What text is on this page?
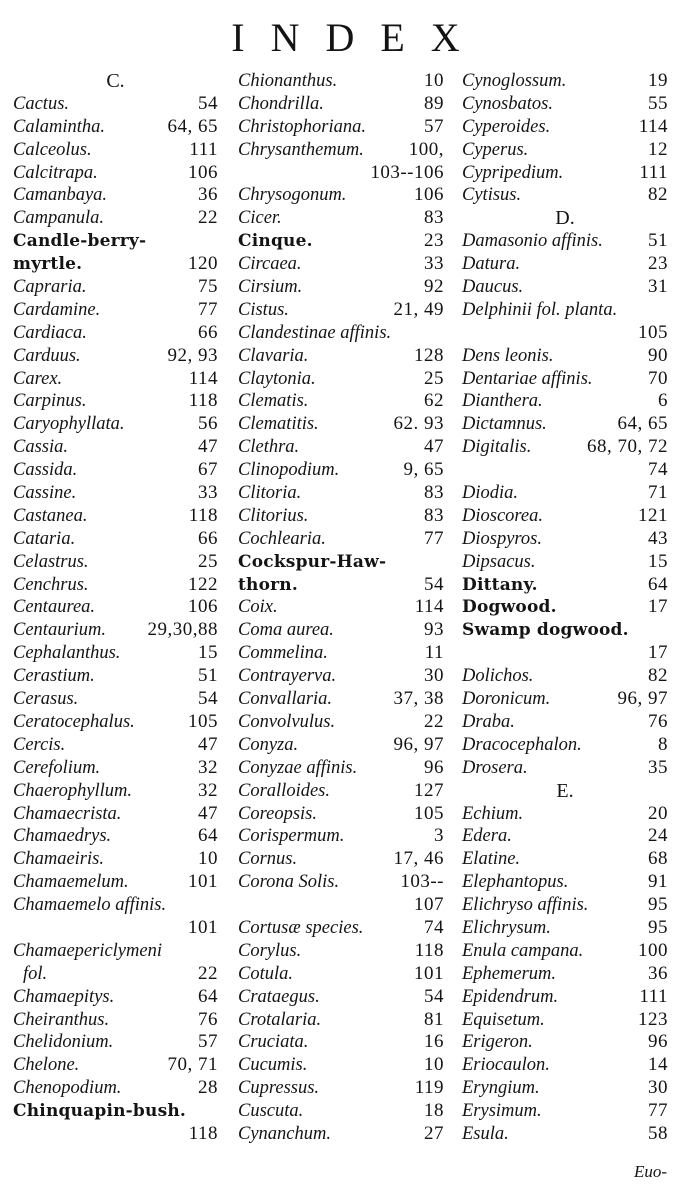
INDEX
C.
Cactus.	54
Calamintha.	64, 65
Calceolus.	111
Calcitrapa.	106
Camanbaya.	36
Campanula.	22
Candle-berry-
myrtle.	120
Capraria.	75
Cardamine.	77
Cardiaca.	66
Carduus.	92, 93
Carex.	114
Carpinus.	118
Caryophyllata.	56
Cassia.	47
Cassida.	67
Cassine.	33
Castanea.	118
Cataria.	66
Celastrus.	25
Cenchrus.	122
Centaurea.	106
Centaurium. 29,30,88
Cephalanthus.	15
Cerastium.	51
Cerasus.	54
Ceratocephalus.	105
Cercis.	47
Cerefolium.	32
Chaerophyllum.	32
Chamaecrista.	47
Chamaedrys.	64
Chamaeiris.	10
Chamaemelum.	101
Chamaemelo affinis.
101
Chamaepericlymeni
fol.	22
Chamaepitys.	64
Cheiranthus.	76
Chelidonium.	57
Chelone.	70, 71
Chenopodium.	28
Chinquapin-bush.
118
Chionanthus.	10
Chondrilla.	89
Christophoriana.	57
Chrysanthemum. 100,
103--106
Chrysogonum.	106
Cicer.	83
Cinque.	23
Circaea.	33
Cirsium.	92
Cistus.	21, 49
Clandestinae affinis.
Clavaria.	128
Claytonia.	25
Clematis.	62
Clematitis.	62. 93
Clethra.	47
Clinopodium.	9, 65
Clitoria.	83
Clitorius.	83
Cochlearia.	77
Cockspur-Haw-
thorn.	54
Coix.	114
Coma aurea.	93
Commelina.	11
Contrayerva.	30
Convallaria.	37, 38
Convolvulus.	22
Conyza.	96, 97
Conyzae affinis.	96
Coralloides.	127
Coreopsis.	105
Corispermum.	3
Cornus.	17, 46
Corona Solis.	103--
107
Cortusæ species.	74
Corylus.	118
Cotula.	101
Crataegus.	54
Crotalaria.	81
Cruciata.	16
Cucumis.	10
Cupressus.	119
Cuscuta.	18
Cynanchum.	27
Cynoglossum.	19
Cynosbatos.	55
Cyperoides.	114
Cyperus.	12
Cypripedium.	111
Cytisus.	82
D.
Damasonio affinis. 51
Datura.	23
Daucus.	31
Delphinii fol. planta.
105
Dens leonis.	90
Dentariae affinis.	70
Dianthera.	6
Dictamnus.	64, 65
Digitalis.	68, 70, 72
74
Diodia.	71
Dioscorea.	121
Diospyros.	43
Dipsacus.	15
Dittany.	64
Dogwood.	17
Swamp dogwood.
17
Dolichos.	82
Doronicum.	96, 97
Draba.	76
Dracocephalon.	8
Drosera.	35
E.
Echium.	20
Edera.	24
Elatine.	68
Elephantopus.	91
Elichryso affinis.	95
Elichrysum.	95
Enula campana.	100
Ephemerum.	36
Epidendrum.	111
Equisetum.	123
Erigeron.	96
Eriocaulon.	14
Eryngium.	30
Erysimum.	77
Esula.	58
Euo-
